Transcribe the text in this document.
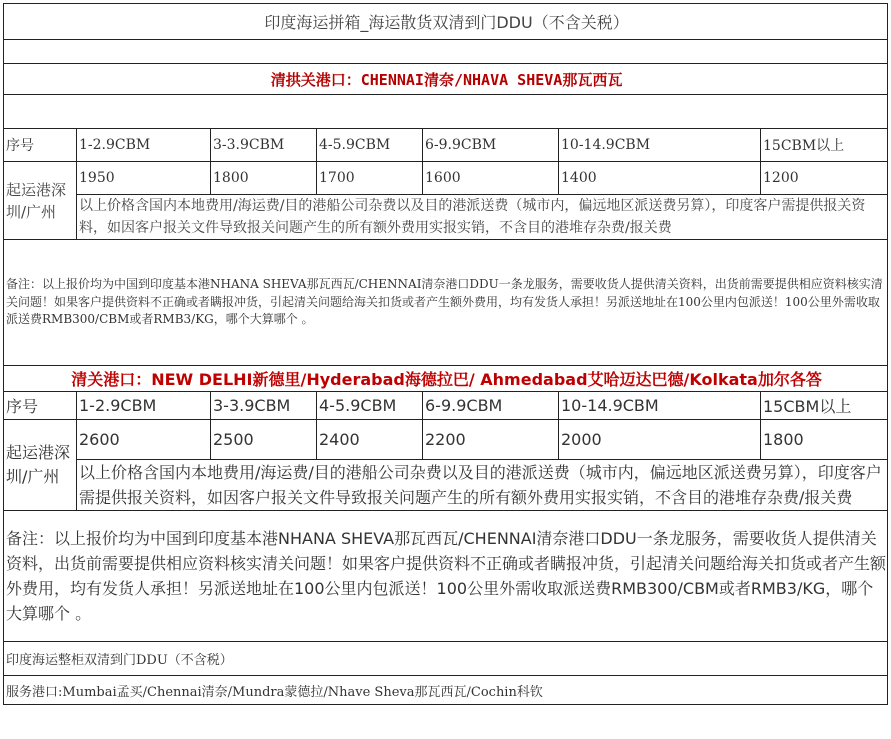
印度海运拼箱_海运散货双清到门DDU（不含关税）						

清拱关港口：CHENNAI清奈/NHAVA SHEVA那瓦西瓦						

序号	1-2.9CBM	3-3.9CBM	4-5.9CBM	6-9.9CBM	10-14.9CBM	15CBM以上
起运港深圳/广州	1950	1800	1700	1600	1400	1200
	以上价格含国内本地费用/海运费/目的港船公司杂费以及目的港派送费（城市内，偏远地区派送费另算），印度客户需提供报关资料，如因客户报关文件导致报关问题产生的所有额外费用实报实销，不含目的港堆存杂费/报关费					
备注：以上报价均为中国到印度基本港NHANA SHEVA那瓦西瓦/CHENNAI清奈港口DDU一条龙服务，需要收货人提供清关资料，出货前需要提供相应资料核实清关问题！如果客户提供资料不正确或者瞒报冲货，引起清关问题给海关扣货或者产生额外费用，均有发货人承担！另派送地址在100公里内包派送！100公里外需收取派送费RMB300/CBM或者RMB3/KG，哪个大算哪个 。						
清关港口：NEW DELHI新德里/Hyderabad海德拉巴/ Ahmedabad艾哈迈达巴德/Kolkata加尔各答						
序号	1-2.9CBM	3-3.9CBM	4-5.9CBM	6-9.9CBM	10-14.9CBM	15CBM以上
起运港深圳/广州	2600	2500	2400	2200	2000	1800
	以上价格含国内本地费用/海运费/目的港船公司杂费以及目的港派送费（城市内，偏远地区派送费另算），印度客户需提供报关资料，如因客户报关文件导致报关问题产生的所有额外费用实报实销，不含目的港堆存杂费/报关费					
备注：以上报价均为中国到印度基本港NHANA SHEVA那瓦西瓦/CHENNAI清奈港口DDU一条龙服务，需要收货人提供清关资料，出货前需要提供相应资料核实清关问题！如果客户提供资料不正确或者瞒报冲货，引起清关问题给海关扣货或者产生额外费用，均有发货人承担！另派送地址在100公里内包派送！100公里外需收取派送费RMB300/CBM或者RMB3/KG，哪个大算哪个 。						
印度海运整柜双清到门DDU（不含税）						
服务港口:Mumbai孟买/Chennai清奈/Mundra蒙德拉/Nhave Sheva那瓦西瓦/Cochin科钦						
